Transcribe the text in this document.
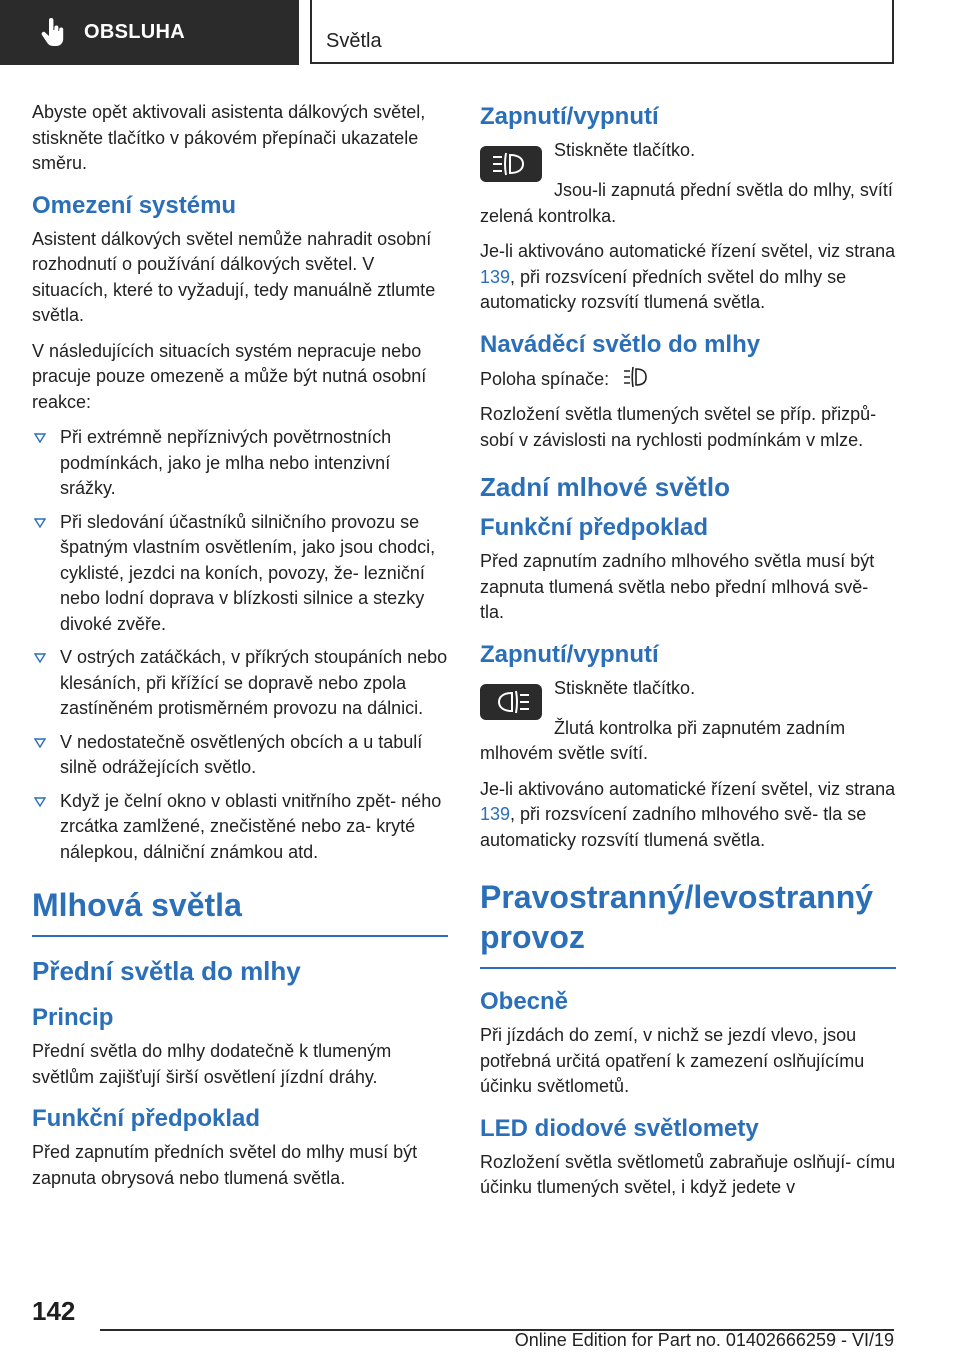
OBSLUHA	Světla

Abyste opět aktivovali asistenta dálkových světel, stiskněte tlačítko v pákovém přepínači ukazatele směru.

Omezení systému

Asistent dálkových světel nemůže nahradit osobní rozhodnutí o používání dálkových světel. V situacích, které to vyžadují, tedy manuálně ztlumte světla.

V následujících situacích systém nepracuje nebo pracuje pouze omezeně a může být nutná osobní reakce:

Při extrémně nepříznivých povětrnostních podmínkách, jako je mlha nebo intenzivní srážky.
Při sledování účastníků silničního provozu se špatným vlastním osvětlením, jako jsou chodci, cyklisté, jezdci na koních, povozy, že- lezniční nebo lodní doprava v blízkosti silnice a stezky divoké zvěře.
V ostrých zatáčkách, v příkrých stoupáních nebo klesáních, při křížící se dopravě nebo zpola zastíněném protisměrném provozu na dálnici.
V nedostatečně osvětlených obcích a u tabulí silně odrážejících světlo.
Když je čelní okno v oblasti vnitřního zpět- ného zrcátka zamlžené, znečistěné nebo za- kryté nálepkou, dálniční známkou atd.
Mlhová světla
Přední světla do mlhy
Princip

Přední světla do mlhy dodatečně k tlumeným světlům zajišťují širší osvětlení jízdní dráhy.

Funkční předpoklad

Před zapnutím předních světel do mlhy musí být zapnuta obrysová nebo tlumená světla.

Zapnutí/vypnutí

Stiskněte tlačítko.

Jsou-li zapnutá přední světla do mlhy, svítí zelená kontrolka.

Je-li aktivováno automatické řízení světel, viz strana 139, při rozsvícení předních světel do mlhy se automaticky rozsvítí tlumená světla.

Naváděcí světlo do mlhy

Poloha spínače:

Rozložení světla tlumených světel se příp. přizpů- sobí v závislosti na rychlosti podmínkám v mlze.

Zadní mlhové světlo
Funkční předpoklad

Před zapnutím zadního mlhového světla musí být zapnuta tlumená světla nebo přední mlhová svě- tla.

Zapnutí/vypnutí

Stiskněte tlačítko.

Žlutá kontrolka při zapnutém zadním mlhovém světle svítí.

Je-li aktivováno automatické řízení světel, viz strana 139, při rozsvícení zadního mlhového svě- tla se automaticky rozsvítí tlumená světla.

Pravostranný/levostranný provoz
Obecně

Při jízdách do zemí, v nichž se jezdí vlevo, jsou potřebná určitá opatření k zamezení oslňujícímu účinku světlometů.

LED diodové světlomety

Rozložení světla světlometů zabraňuje oslňují- címu účinku tlumených světel, i když jedete v

142
Online Edition for Part no. 01402666259 - VI/19
